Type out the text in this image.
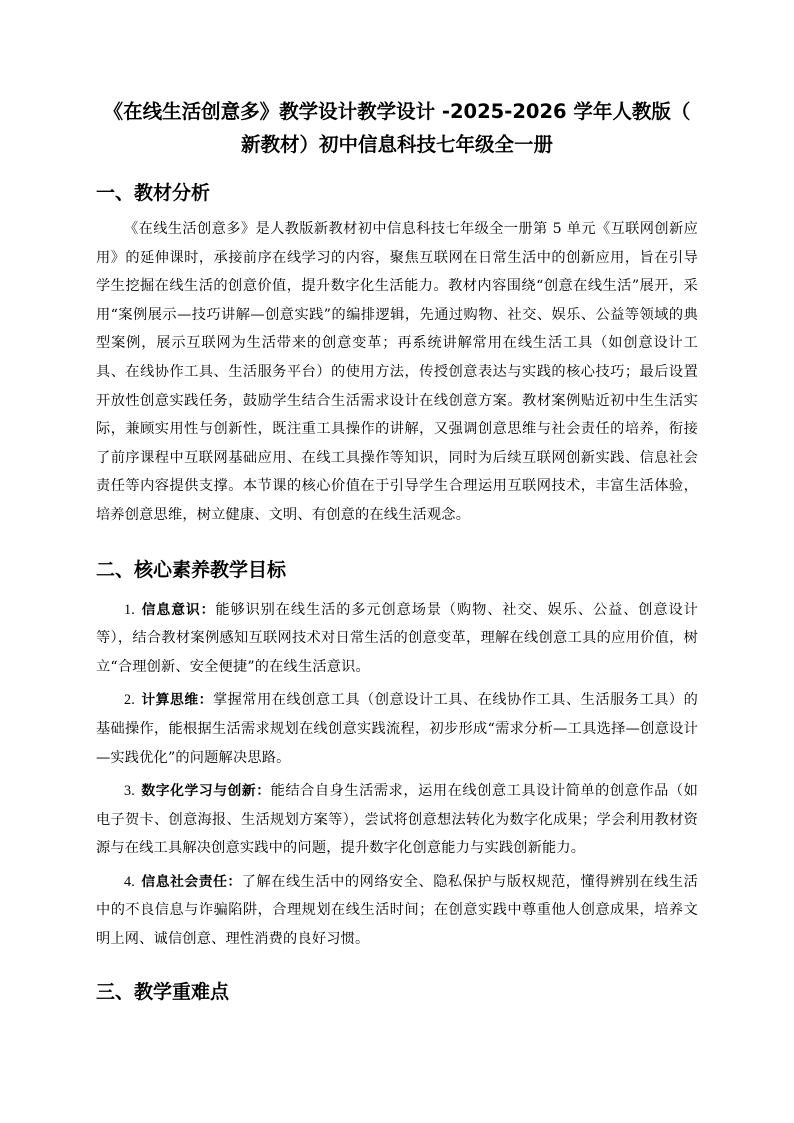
《在线生活创意多》教学设计教学设计 -2025-2026 学年人教版（
新教材）初中信息科技七年级全一册
一、教材分析

《在线生活创意多》是人教版新教材初中信息科技七年级全一册第 5 单元《互联网创新应用》的延伸课时，承接前序在线学习的内容，聚焦互联网在日常生活中的创新应用，旨在引导学生挖掘在线生活的创意价值，提升数字化生活能力。教材内容围绕“创意在线生活”展开，采用“案例展示—技巧讲解—创意实践”的编排逻辑，先通过购物、社交、娱乐、公益等领域的典型案例，展示互联网为生活带来的创意变革；再系统讲解常用在线生活工具（如创意设计工具、在线协作工具、生活服务平台）的使用方法，传授创意表达与实践的核心技巧；最后设置开放性创意实践任务，鼓励学生结合生活需求设计在线创意方案。教材案例贴近初中生生活实际，兼顾实用性与创新性，既注重工具操作的讲解，又强调创意思维与社会责任的培养，衔接了前序课程中互联网基础应用、在线工具操作等知识，同时为后续互联网创新实践、信息社会责任等内容提供支撑。本节课的核心价值在于引导学生合理运用互联网技术，丰富生活体验，培养创意思维，树立健康、文明、有创意的在线生活观念。

二、核心素养教学目标

1. 信息意识：能够识别在线生活的多元创意场景（购物、社交、娱乐、公益、创意设计等），结合教材案例感知互联网技术对日常生活的创意变革，理解在线创意工具的应用价值，树立“合理创新、安全便捷”的在线生活意识。

2. 计算思维：掌握常用在线创意工具（创意设计工具、在线协作工具、生活服务工具）的基础操作，能根据生活需求规划在线创意实践流程，初步形成“需求分析—工具选择—创意设计—实践优化”的问题解决思路。

3. 数字化学习与创新：能结合自身生活需求，运用在线创意工具设计简单的创意作品（如电子贺卡、创意海报、生活规划方案等），尝试将创意想法转化为数字化成果；学会利用教材资源与在线工具解决创意实践中的问题，提升数字化创意能力与实践创新能力。

4. 信息社会责任：了解在线生活中的网络安全、隐私保护与版权规范，懂得辨别在线生活中的不良信息与诈骗陷阱，合理规划在线生活时间；在创意实践中尊重他人创意成果，培养文明上网、诚信创意、理性消费的良好习惯。

三、教学重难点
